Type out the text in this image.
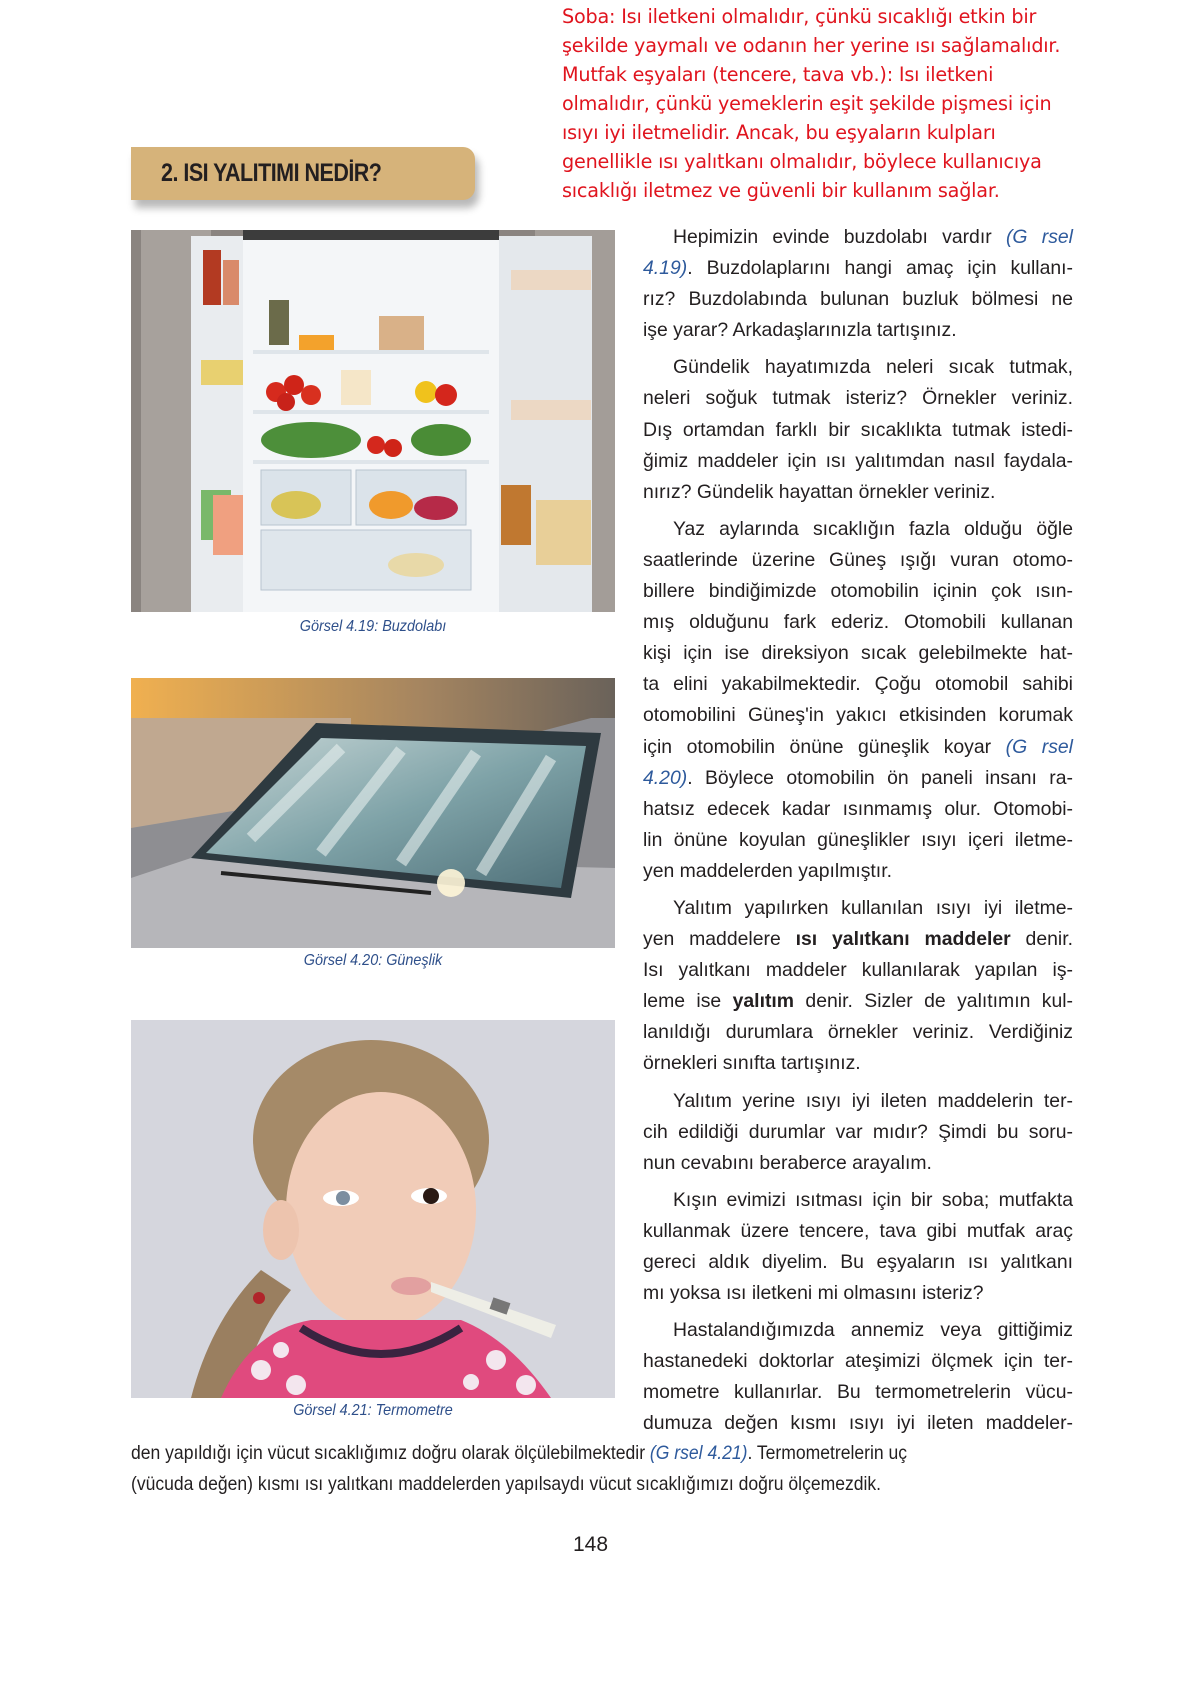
Soba: Isı iletkeni olmalıdır, çünkü sıcaklığı etkin bir
şekilde yaymalı ve odanın her yerine ısı sağlamalıdır.
Mutfak eşyaları (tencere, tava vb.): Isı iletkeni
olmalıdır, çünkü yemeklerin eşit şekilde pişmesi için
ısıyı iyi iletmelidir. Ancak, bu eşyaların kulpları
genellikle ısı yalıtkanı olmalıdır, böylece kullanıcıya
sıcaklığı iletmez ve güvenli bir kullanım sağlar.
2. ISI YALITIMI NEDİR?
Görsel 4.19: Buzdolabı
Görsel 4.20: Güneşlik
Görsel 4.21: Termometre
Hepimizin evinde buzdolabı vardır (G rsel
4.19). Buzdolaplarını hangi amaç için kullanı-
rız? Buzdolabında bulunan buzluk bölmesi ne
işe yarar? Arkadaşlarınızla tartışınız.
Gündelik hayatımızda neleri sıcak tutmak,
neleri soğuk tutmak isteriz? Örnekler veriniz.
Dış ortamdan farklı bir sıcaklıkta tutmak istedi-
ğimiz maddeler için ısı yalıtımdan nasıl faydala-
nırız? Gündelik hayattan örnekler veriniz.
Yaz aylarında sıcaklığın fazla olduğu öğle
saatlerinde üzerine Güneş ışığı vuran otomo-
billere bindiğimizde otomobilin içinin çok ısın-
mış olduğunu fark ederiz. Otomobili kullanan
kişi için ise direksiyon sıcak gelebilmekte hat-
ta elini yakabilmektedir. Çoğu otomobil sahibi
otomobilini Güneş'in yakıcı etkisinden korumak
için otomobilin önüne güneşlik koyar (G rsel
4.20). Böylece otomobilin ön paneli insanı ra-
hatsız edecek kadar ısınmamış olur. Otomobi-
lin önüne koyulan güneşlikler ısıyı içeri iletme-
yen maddelerden yapılmıştır.
Yalıtım yapılırken kullanılan ısıyı iyi iletme-
yen maddelere ısı yalıtkanı maddeler denir.
Isı yalıtkanı maddeler kullanılarak yapılan iş-
leme ise yalıtım denir. Sizler de yalıtımın kul-
lanıldığı durumlara örnekler veriniz. Verdiğiniz
örnekleri sınıfta tartışınız.
Yalıtım yerine ısıyı iyi ileten maddelerin ter-
cih edildiği durumlar var mıdır? Şimdi bu soru-
nun cevabını beraberce arayalım.
Kışın evimizi ısıtması için bir soba; mutfakta
kullanmak üzere tencere, tava gibi mutfak araç
gereci aldık diyelim. Bu eşyaların ısı yalıtkanı
mı yoksa ısı iletkeni mi olmasını isteriz?
Hastalandığımızda annemiz veya gittiğimiz
hastanedeki doktorlar ateşimizi ölçmek için ter-
mometre kullanırlar. Bu termometrelerin vücu-
dumuza değen kısmı ısıyı iyi ileten maddeler-
den yapıldığı için vücut sıcaklığımız doğru olarak ölçülebilmektedir (G rsel 4.21). Termometrelerin uç
(vücuda değen) kısmı ısı yalıtkanı maddelerden yapılsaydı vücut sıcaklığımızı doğru ölçemezdik.
148
